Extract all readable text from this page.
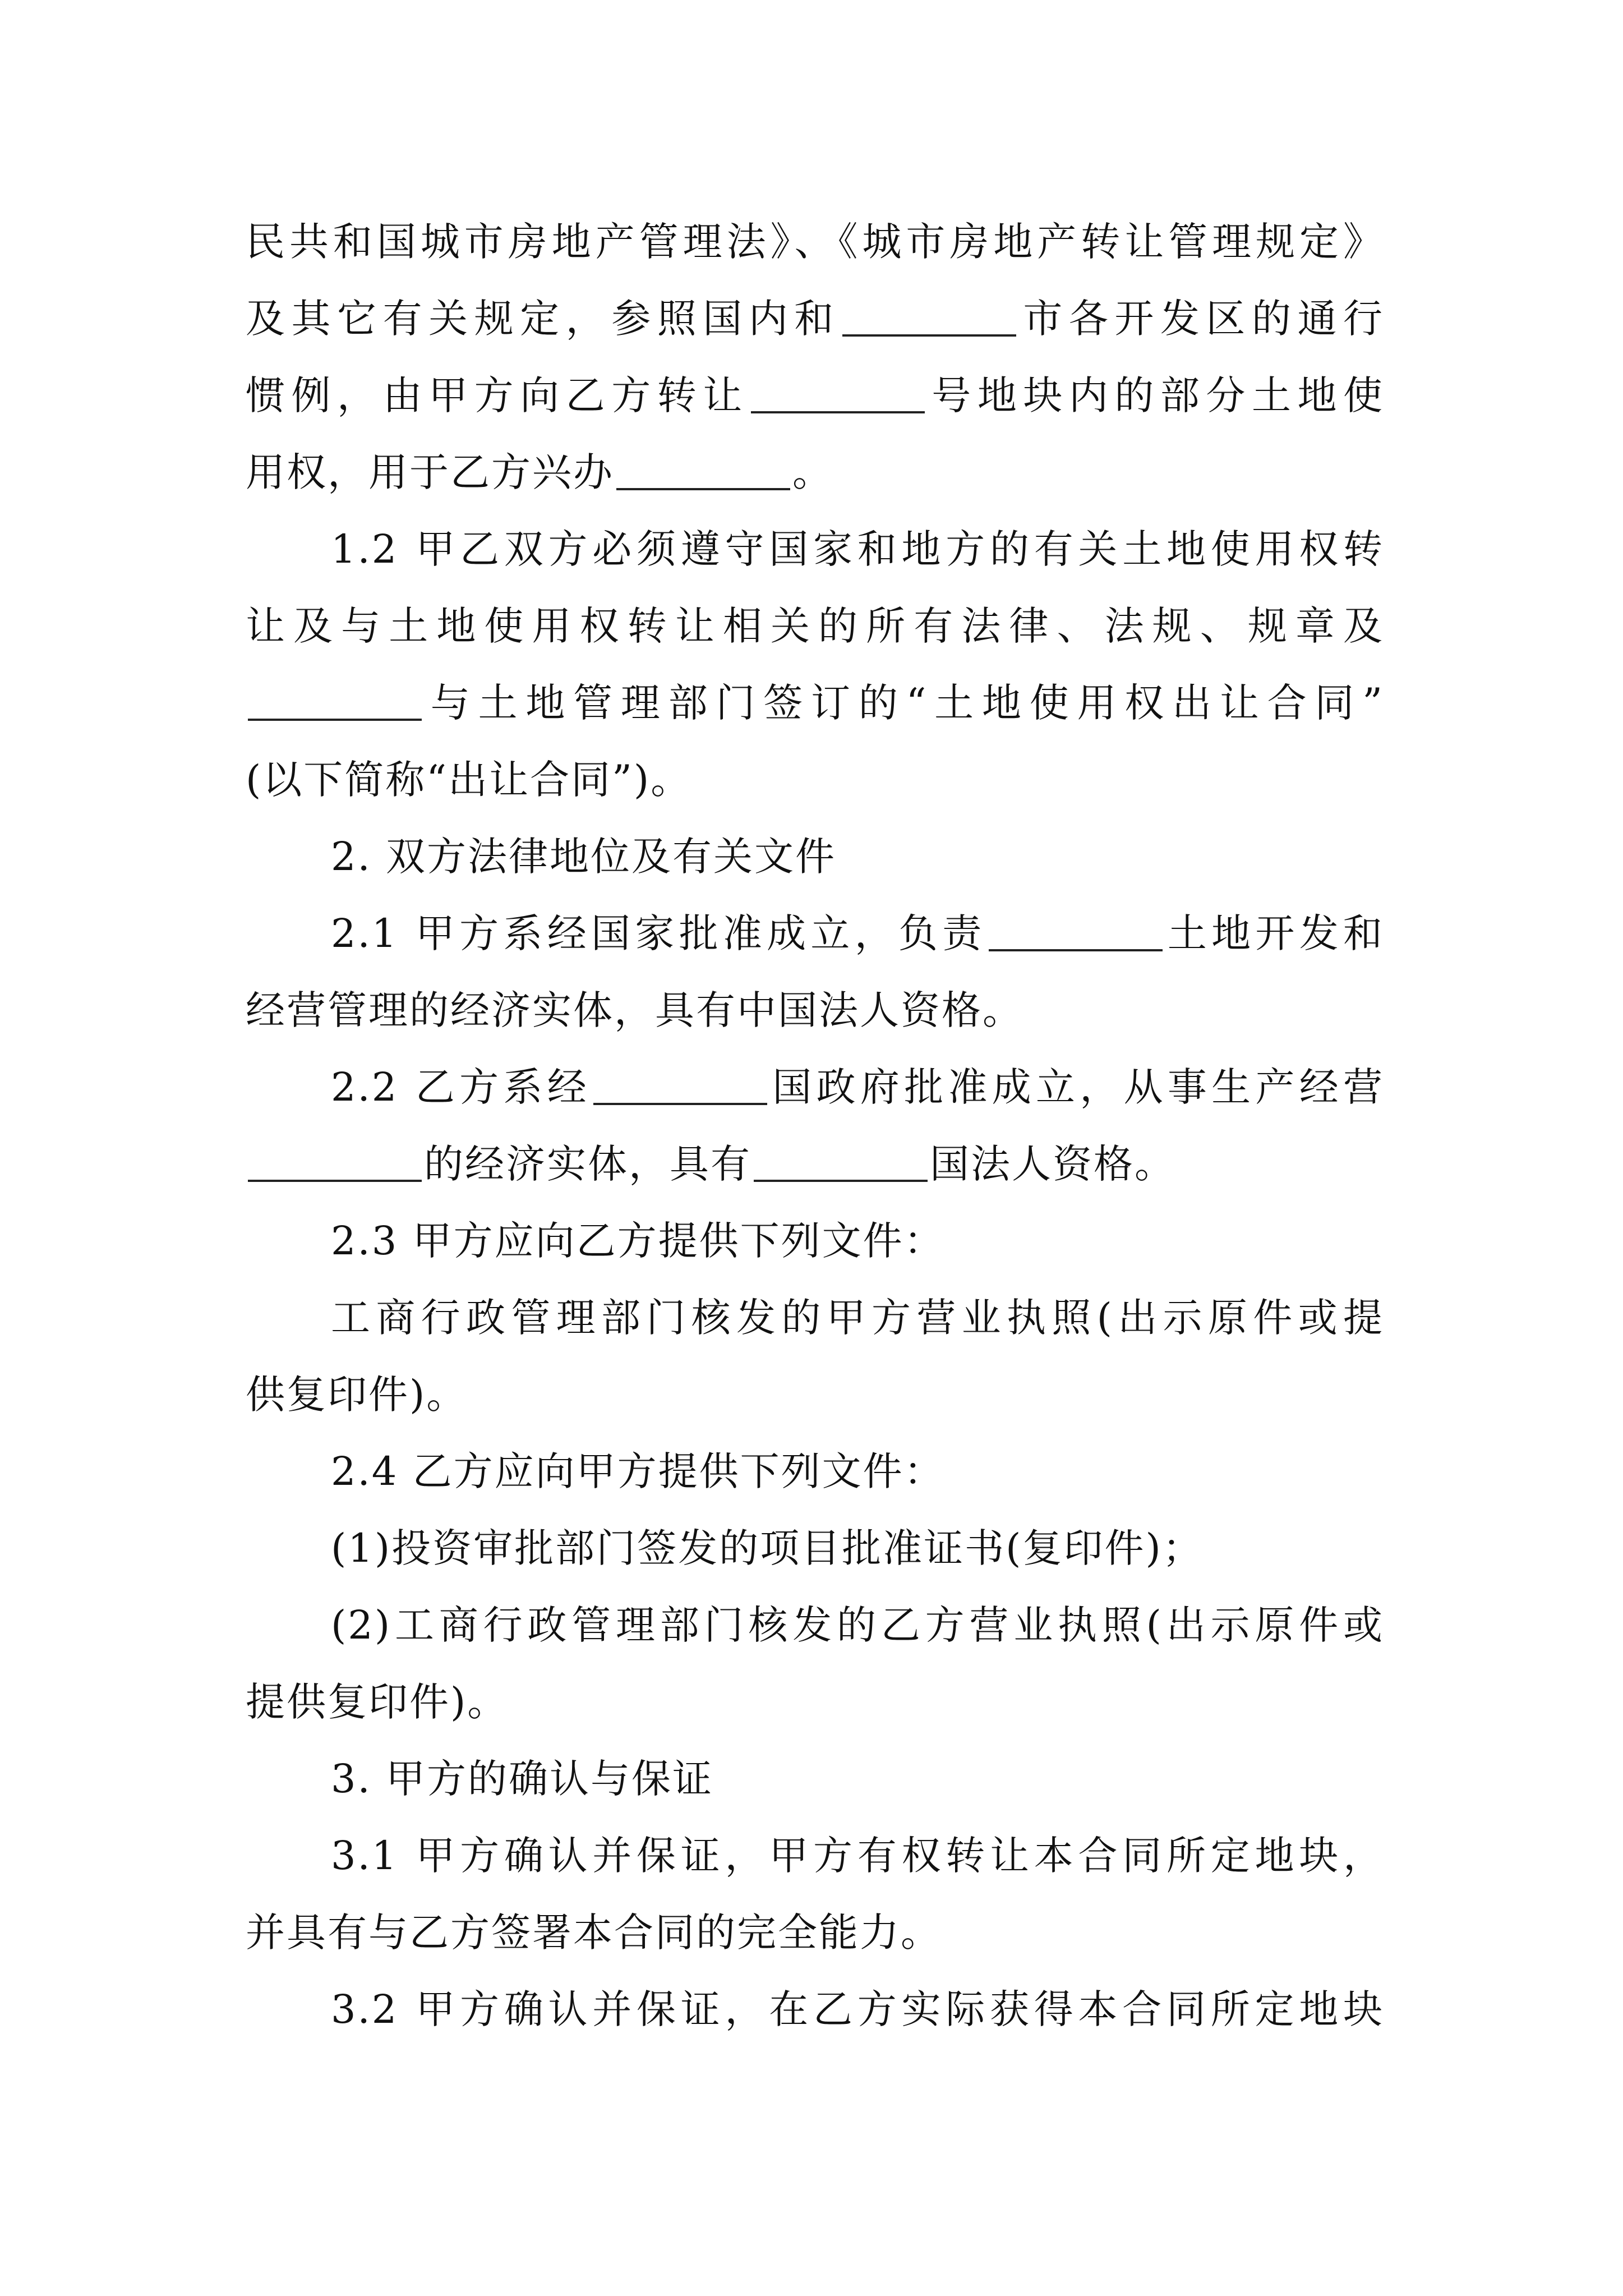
民共和国城市房地产管理法》、《城市房地产转让管理规定》
及其它有关规定，参照国内和	市各开发区的通行
惯例，由甲方向乙方转让	号地块内的部分土地使
用权，用于乙方兴办	。
1.2 甲乙双方必须遵守国家和地方的有关土地使用权转
让及与土地使用权转让相关的所有法律、法规、规章及
与土地管理部门签订的“土地使用权出让合同”
(以下简称“出让合同”)。
2. 双方法律地位及有关文件
2.1 甲方系经国家批准成立，负责	土地开发和
经营管理的经济实体，具有中国法人资格。
2.2 乙方系经	国政府批准成立，从事生产经营
的经济实体，具有	国法人资格。
2.3 甲方应向乙方提供下列文件：
工商行政管理部门核发的甲方营业执照(出示原件或提
供复印件)。
2.4 乙方应向甲方提供下列文件：
(1)投资审批部门签发的项目批准证书(复印件)；
(2)工商行政管理部门核发的乙方营业执照(出示原件或
提供复印件)。
3. 甲方的确认与保证
3.1 甲方确认并保证，甲方有权转让本合同所定地块，
并具有与乙方签署本合同的完全能力。
3.2 甲方确认并保证，在乙方实际获得本合同所定地块
